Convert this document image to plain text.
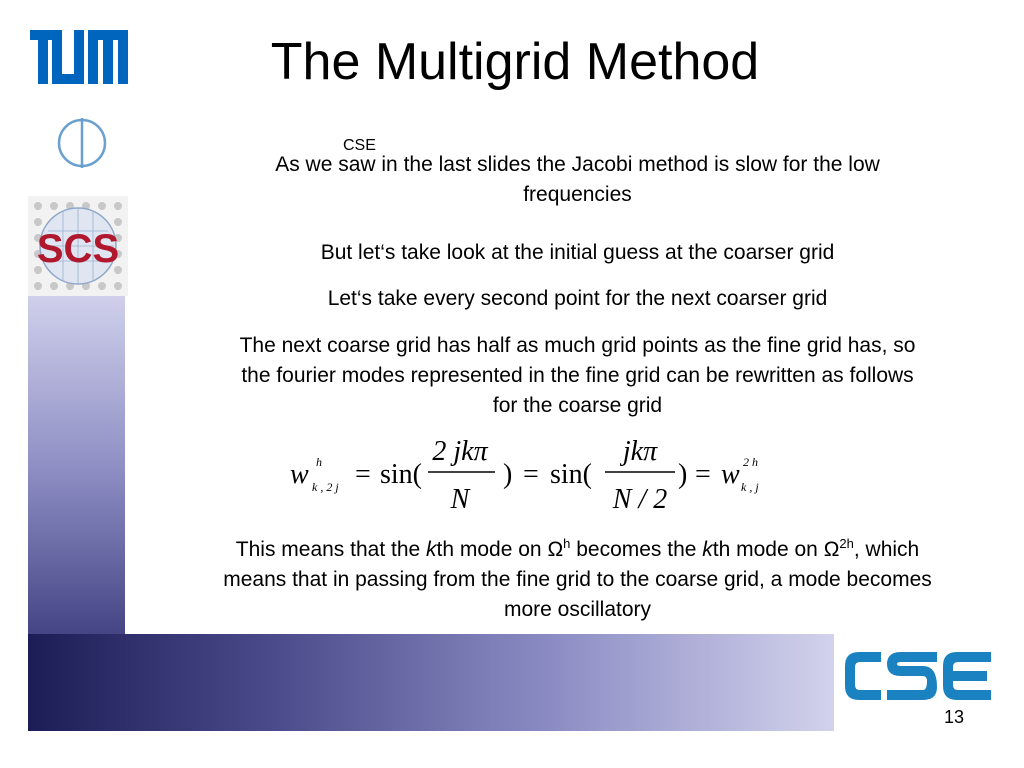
SCS
CSE
The Multigrid Method
As we saw in the last slides the Jacobi method is slow for the low
frequencies
But let‘s take look at the initial guess at the coarser grid
Let‘s take every second point for the next coarser grid
The next coarse grid has half as much grid points as the fine grid has, so
the fourier modes represented in the fine grid can be rewritten as follows
for the coarse grid
w h
k , 2 j = sin(
2 jkπ
N
) = sin(
jkπ
N / 2
) = w 2 h
k , j
This means that the kth mode on $\Omega^h$ becomes the kth mode on $\Omega^{2h}$, which
means that in passing from the fine grid to the coarse grid, a mode becomes
more oscillatory
13
